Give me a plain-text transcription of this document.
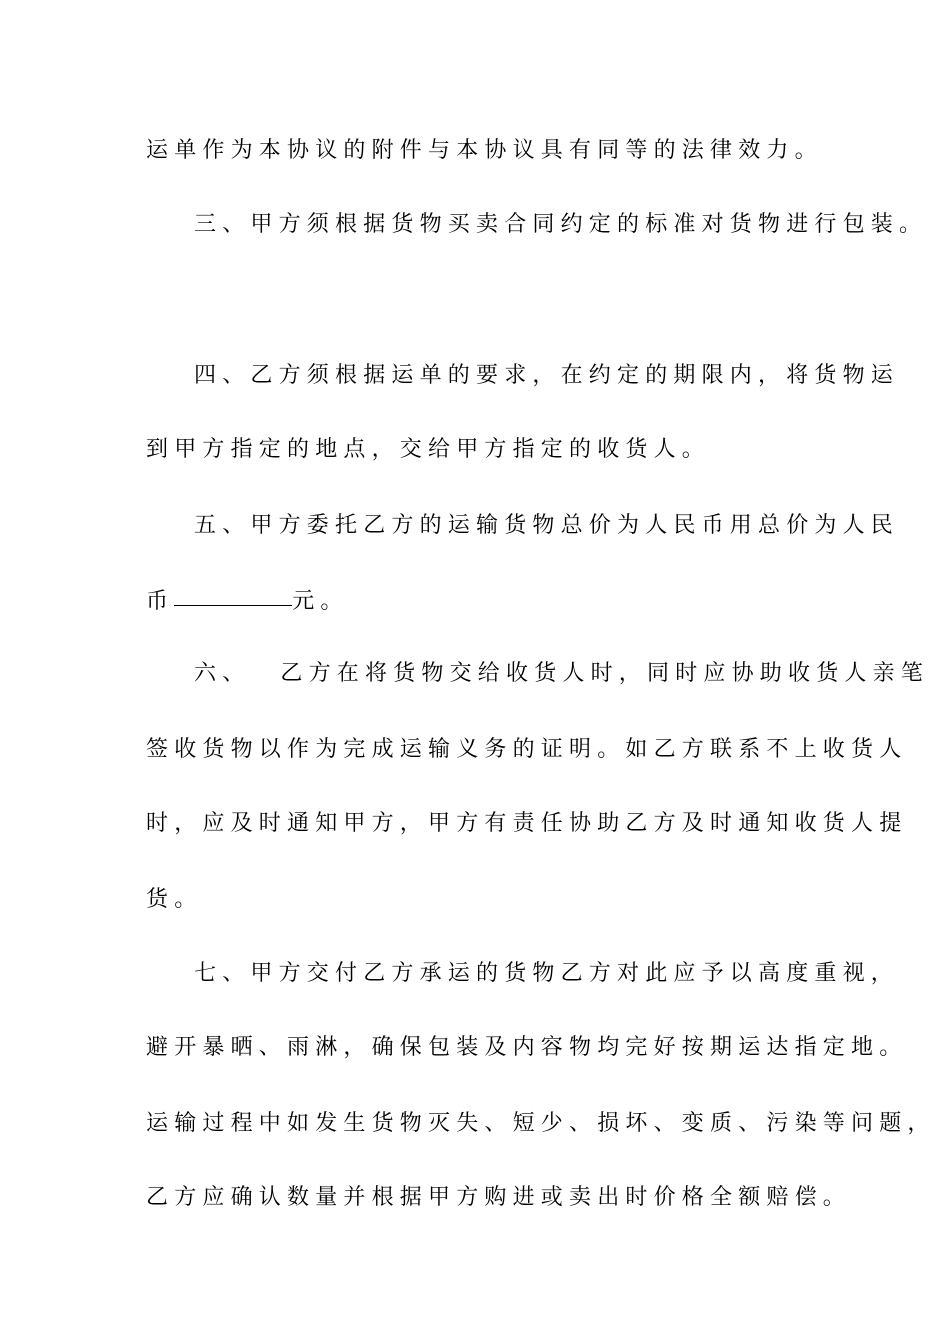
运单作为本协议的附件与本协议具有同等的法律效力。
三、甲方须根据货物买卖合同约定的标准对货物进行包装。
四、乙方须根据运单的要求，在约定的期限内，将货物运
到甲方指定的地点，交给甲方指定的收货人。
五、甲方委托乙方的运输货物总价为人民币用总价为人民
币	元。
六、 乙方在将货物交给收货人时，同时应协助收货人亲笔
签收货物以作为完成运输义务的证明。如乙方联系不上收货人
时，应及时通知甲方，甲方有责任协助乙方及时通知收货人提
货。
七、甲方交付乙方承运的货物乙方对此应予以高度重视，
避开暴晒、雨淋，确保包装及内容物均完好按期运达指定地。
运输过程中如发生货物灭失、短少、损坏、变质、污染等问题，
乙方应确认数量并根据甲方购进或卖出时价格全额赔偿。
